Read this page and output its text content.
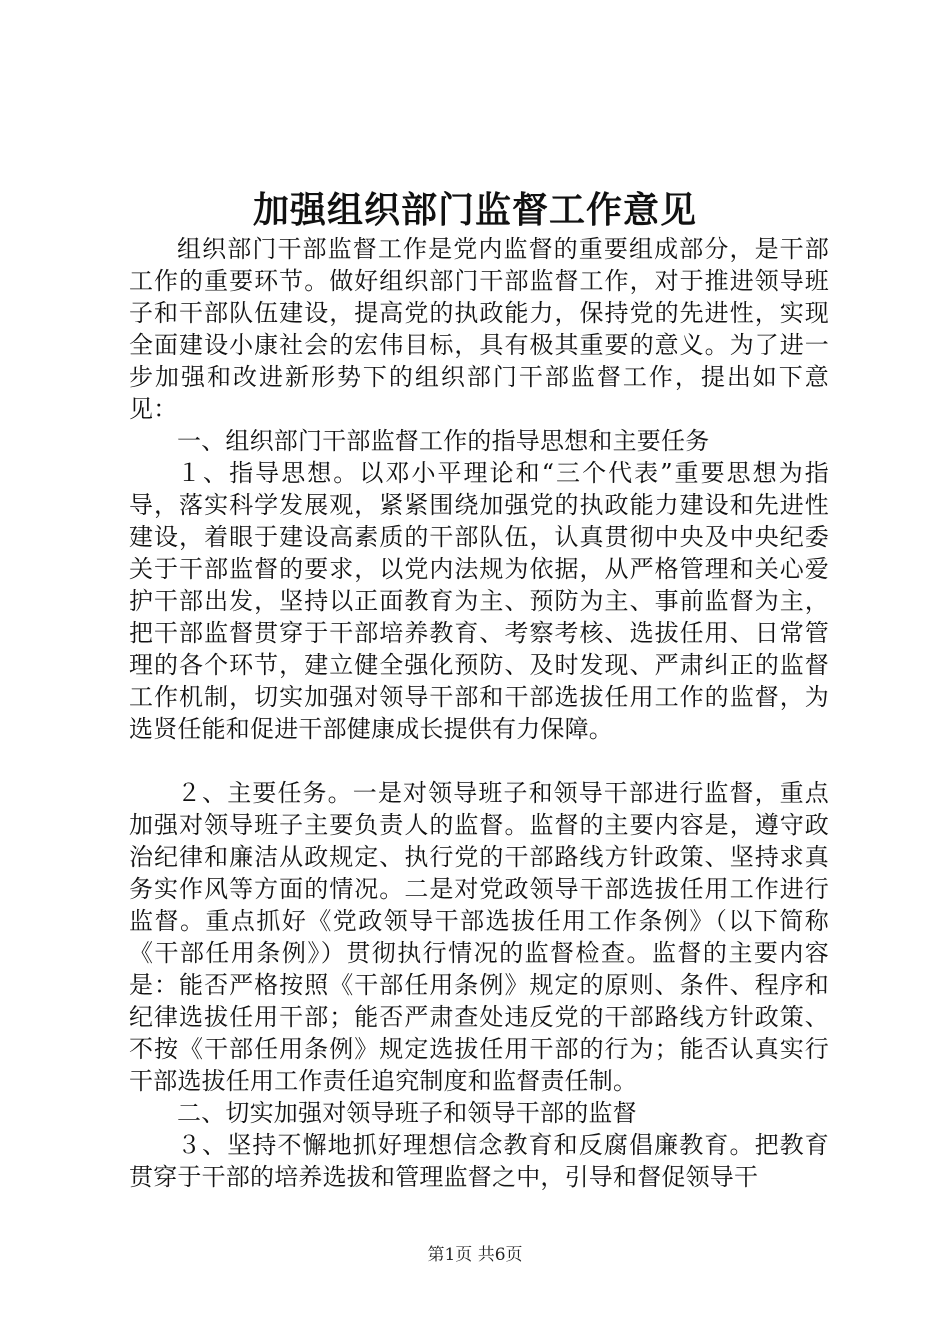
加强组织部门监督工作意见

组织部门干部监督工作是党内监督的重要组成部分，是干部工作的重要环节。做好组织部门干部监督工作，对于推进领导班子和干部队伍建设，提高党的执政能力，保持党的先进性，实现全面建设小康社会的宏伟目标，具有极其重要的意义。为了进一步加强和改进新形势下的组织部门干部监督工作，提出如下意见：

一、组织部门干部监督工作的指导思想和主要任务

１、指导思想。以邓小平理论和“三个代表”重要思想为指导，落实科学发展观，紧紧围绕加强党的执政能力建设和先进性建设，着眼于建设高素质的干部队伍，认真贯彻中央及中央纪委关于干部监督的要求，以党内法规为依据，从严格管理和关心爱护干部出发，坚持以正面教育为主、预防为主、事前监督为主，把干部监督贯穿于干部培养教育、考察考核、选拔任用、日常管理的各个环节，建立健全强化预防、及时发现、严肃纠正的监督工作机制，切实加强对领导干部和干部选拔任用工作的监督，为选贤任能和促进干部健康成长提供有力保障。

２、主要任务。一是对领导班子和领导干部进行监督，重点加强对领导班子主要负责人的监督。监督的主要内容是，遵守政治纪律和廉洁从政规定、执行党的干部路线方针政策、坚持求真务实作风等方面的情况。二是对党政领导干部选拔任用工作进行监督。重点抓好《党政领导干部选拔任用工作条例》（以下简称《干部任用条例》）贯彻执行情况的监督检查。监督的主要内容是：能否严格按照《干部任用条例》规定的原则、条件、程序和纪律选拔任用干部；能否严肃查处违反党的干部路线方针政策、不按《干部任用条例》规定选拔任用干部的行为；能否认真实行干部选拔任用工作责任追究制度和监督责任制。

二、切实加强对领导班子和领导干部的监督

３、坚持不懈地抓好理想信念教育和反腐倡廉教育。把教育贯穿于干部的培养选拔和管理监督之中，引导和督促领导干

第1页 共6页
